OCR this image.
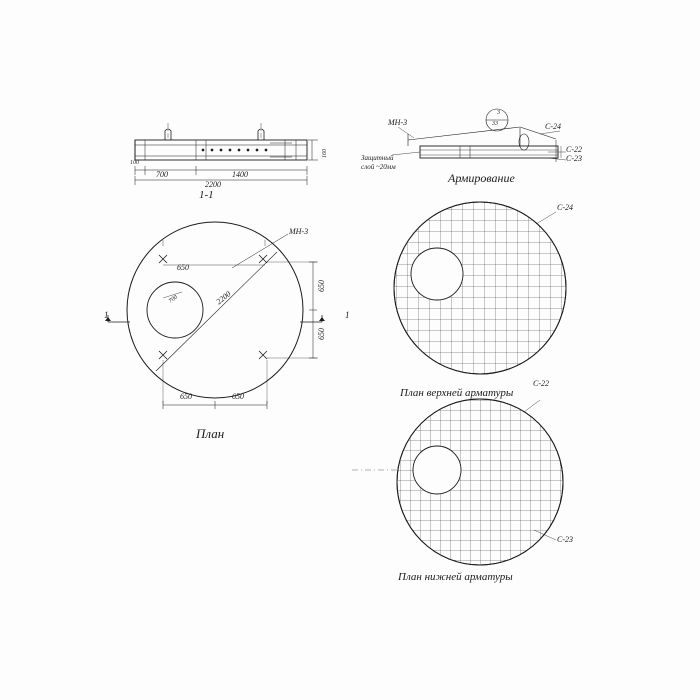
100
700	1400
2200
160
1-1
МН-3
650
2200
700
650
650
650	650
1	1
План
МН-3
3
33	С-24
С-22
С-23
Защитный
слой ~20мм
Армирование
С-24
План верхней арматуры
С-22
С-23
План нижней арматуры
